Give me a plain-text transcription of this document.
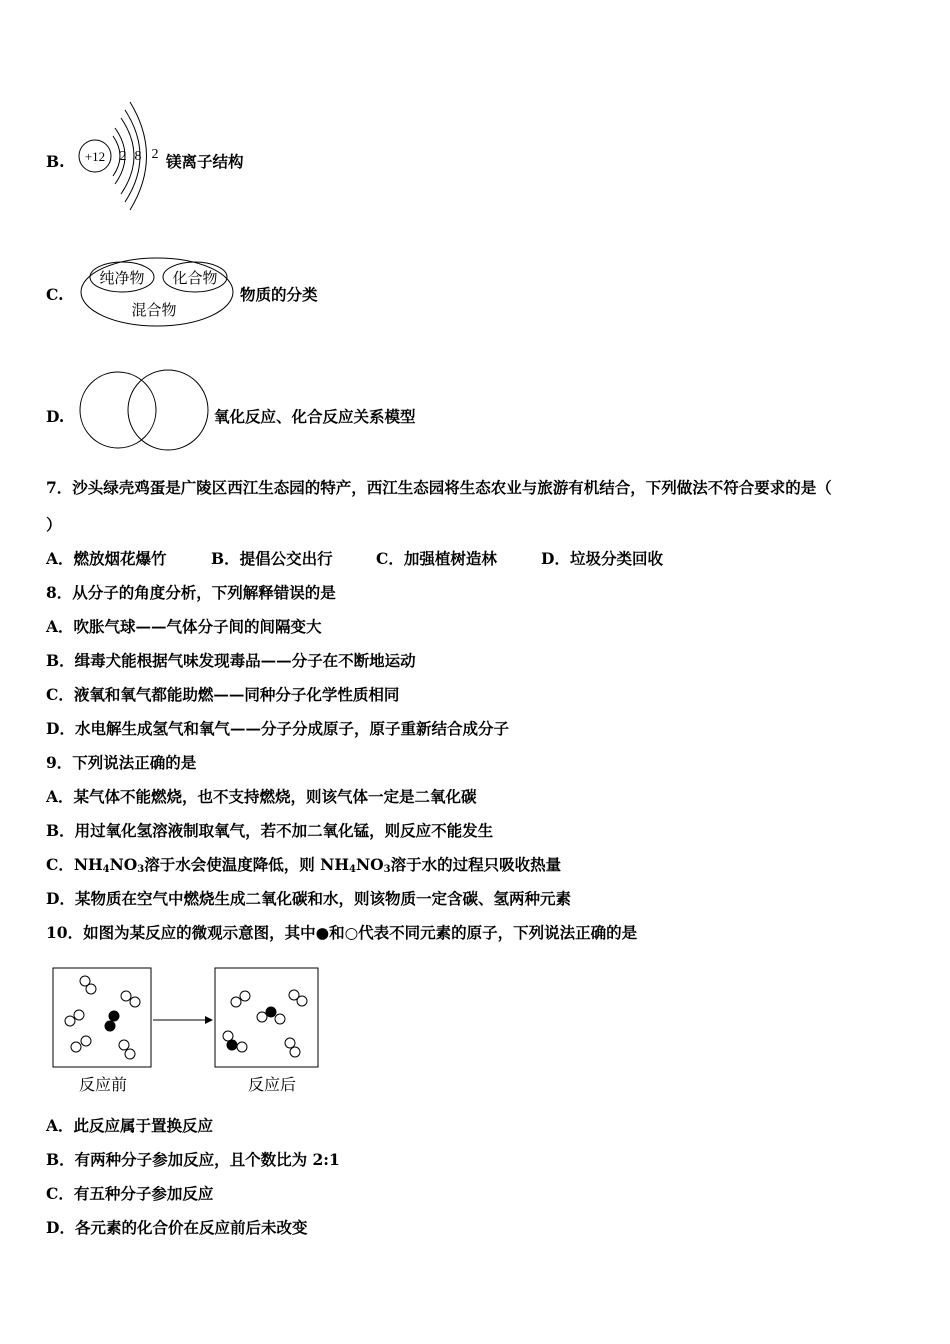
B. +12 2 8 2 镁离子结构
C.
纯净物 化合物
混合物
物质的分类
D.	氧化反应、化合反应关系模型
7．沙头绿壳鸡蛋是广陵区西江生态园的特产，西江生态园将生态农业与旅游有机结合，下列做法不符合要求的是（
）
A．燃放烟花爆竹	B．提倡公交出行	C．加强植树造林	D．垃圾分类回收
8．从分子的角度分析，下列解释错误的是
A．吹胀气球——气体分子间的间隔变大
B．缉毒犬能根据气味发现毒品——分子在不断地运动
C．液氧和氧气都能助燃——同种分子化学性质相同
D．水电解生成氢气和氧气——分子分成原子，原子重新结合成分子
9．下列说法正确的是
A．某气体不能燃烧，也不支持燃烧，则该气体一定是二氧化碳
B．用过氧化氢溶液制取氧气，若不加二氧化锰，则反应不能发生
C．$NH_4NO_3$溶于水会使温度降低，则 $NH_4NO_3$溶于水的过程只吸收热量
D．某物质在空气中燃烧生成二氧化碳和水，则该物质一定含碳、氢两种元素
10．如图为某反应的微观示意图，其中●和○代表不同元素的原子，下列说法正确的是
反应前	反应后
A．此反应属于置换反应
B．有两种分子参加反应，且个数比为 2:1
C．有五种分子参加反应
D．各元素的化合价在反应前后未改变
